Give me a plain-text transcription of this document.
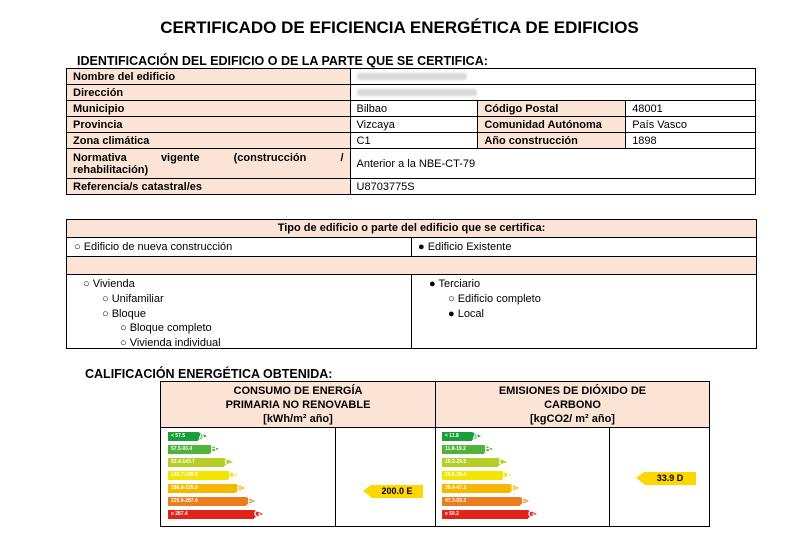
CERTIFICADO DE EFICIENCIA ENERGÉTICA DE EDIFICIOS
IDENTIFICACIÓN DEL EDIFICIO O DE LA PARTE QUE SE CERTIFICA:
Nombre del edificio			
Dirección			
Municipio	Bilbao	Código Postal	48001
Provincia	Vizcaya	Comunidad Autónoma	País Vasco
Zona climática	C1	Año construcción	1898

Normativa vigente (construcción /
rehabilitación)	Anterior a la NBE-CT-79		
Referencia/s catastral/es	U8703775S		
Tipo de edificio o parte del edificio que se certifica:
○ Edificio de nueva construcción	● Edificio Existente
○ Vivienda
○ Unifamiliar
○ Bloque
○ Bloque completo
○ Vivienda individual
● Terciario
○ Edificio completo
● Local
CALIFICACIÓN ENERGÉTICA OBTENIDA:
CONSUMO DE ENERGÍA
PRIMARIA NO RENOVABLE
[kWh/m² año]
EMISIONES DE DIÓXIDO DE
CARBONO
[kgCO2/ m² año]
< 57.5 A
57.5-93.4 B
93.4-143.7	C
143.7-186.8	D
186.8-229.9	E
229.9-287.4	F
≥ 287.4	G
< 11.8 A
11.8-19.2 B
19.2-29.5	C
29.5-38.4	D
38.4-47.3	E
47.3-59.2	F
≥ 59.2	G
200.0 E
33.9 D
